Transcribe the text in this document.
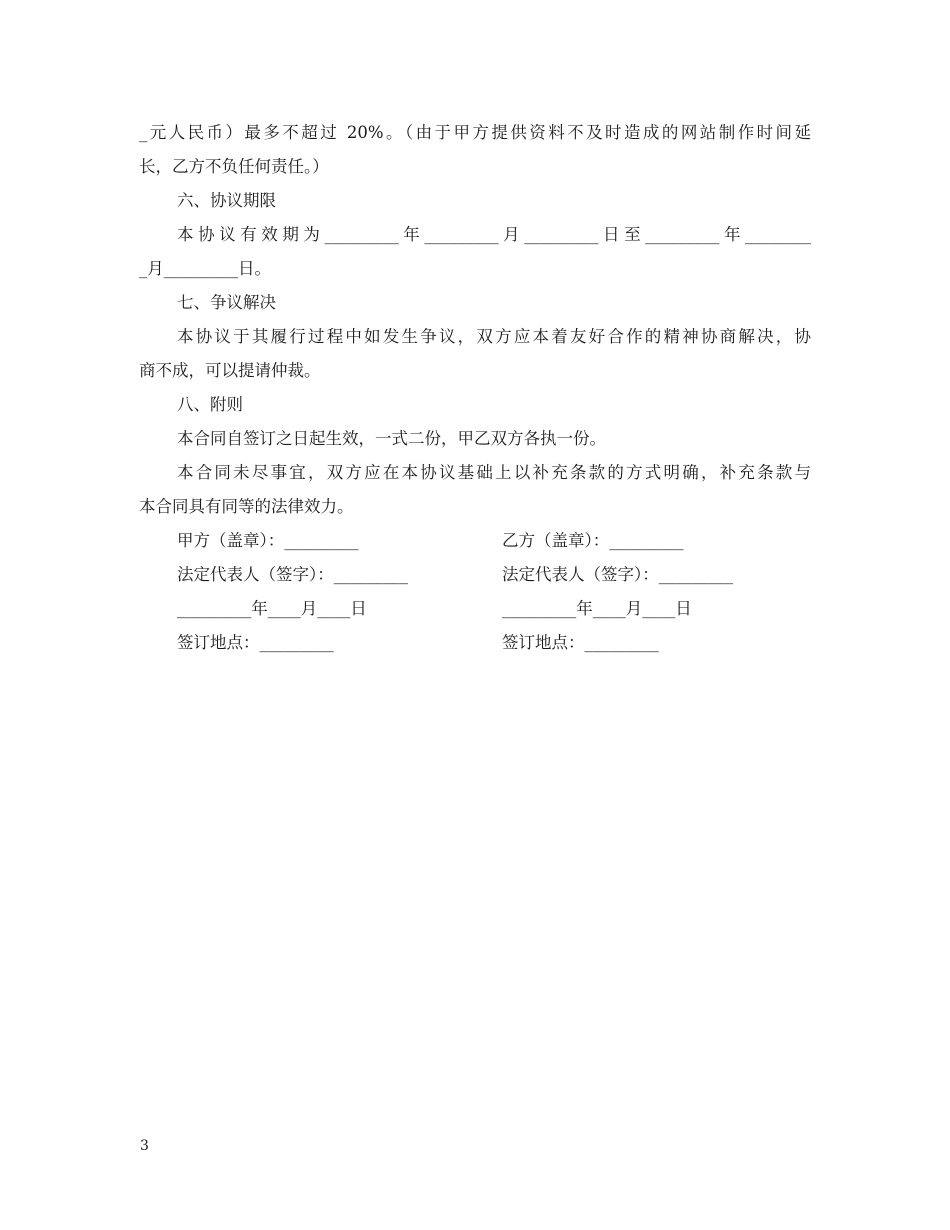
_元人民币）最多不超过 20%。（由于甲方提供资料不及时造成的网站制作时间延
长，乙方不负任何责任。）
六、协议期限
本协议有效期为_________年_________月_________日至_________年________
_月_________日。
七、争议解决
本协议于其履行过程中如发生争议，双方应本着友好合作的精神协商解决，协
商不成，可以提请仲裁。
八、附则
本合同自签订之日起生效，一式二份，甲乙双方各执一份。
本合同未尽事宜，双方应在本协议基础上以补充条款的方式明确，补充条款与
本合同具有同等的法律效力。
甲方（盖章）：_________	乙方（盖章）：_________
法定代表人（签字）：_________	法定代表人（签字）：_________
_________年____月____日	_________年____月____日
签订地点：_________	签订地点：_________
3
